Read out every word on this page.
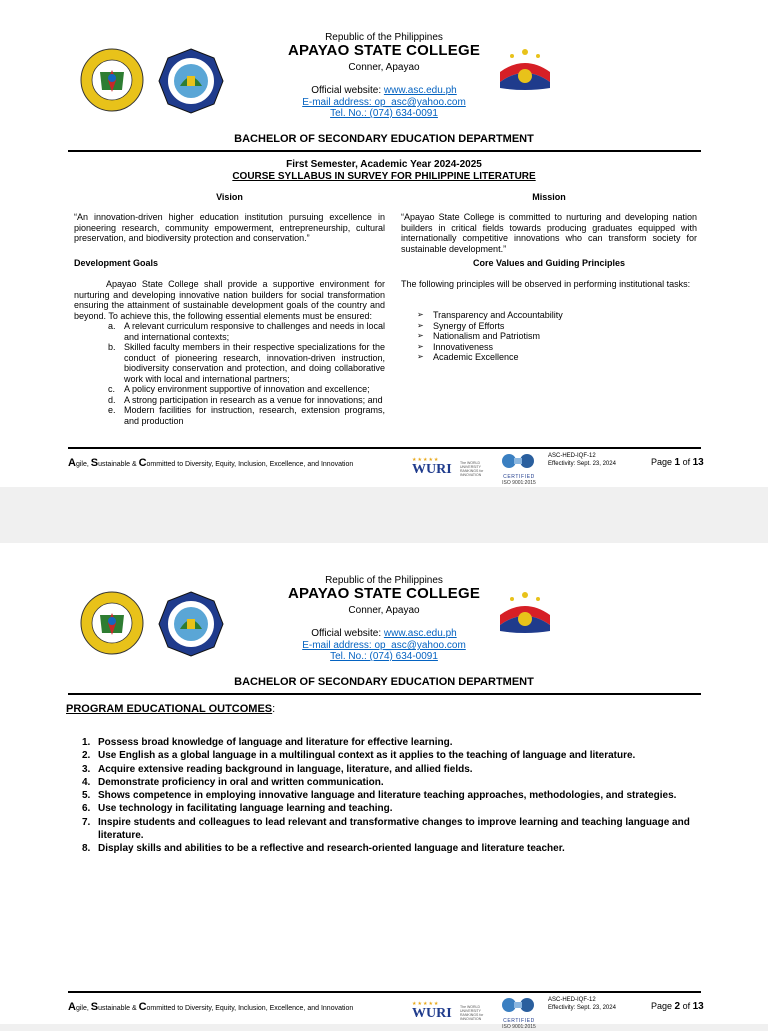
Republic of the Philippines
APAYAO STATE COLLEGE
Conner, Apayao
Official website: www.asc.edu.ph
E-mail address: op_asc@yahoo.com
Tel. No.: (074) 634-0091
BACHELOR OF SECONDARY EDUCATION DEPARTMENT
First Semester, Academic Year 2024-2025
COURSE SYLLABUS IN SURVEY FOR PHILIPPINE LITERATURE
Vision	Mission
“An innovation-driven higher education institution pursuing excellence in pioneering research, community empowerment, entrepreneurship, cultural preservation, and biodiversity protection and conservation.”
“Apayao State College is committed to nurturing and developing nation builders in critical fields towards producing graduates equipped with internationally competitive innovations who can transform society for sustainable development.”
Development Goals	Core Values and Guiding Principles
Apayao State College shall provide a supportive environment for nurturing and developing innovative nation builders for social transformation ensuring the attainment of sustainable development goals of the country and beyond. To achieve this, the following essential elements must be ensured:
a. A relevant curriculum responsive to challenges and needs in local and international contexts;
b. Skilled faculty members in their respective specializations for the conduct of pioneering research, innovation-driven instruction, biodiversity conservation and protection, and doing collaborative work with local and international partners;
c. A policy environment supportive of innovation and excellence;
d. A strong participation in research as a venue for innovations; and
e. Modern facilities for instruction, research, extension programs, and production
The following principles will be observed in performing institutional tasks:
➢ Transparency and Accountability
➢ Synergy of Efforts
➢ Nationalism and Patriotism
➢ Innovativeness
➢ Academic Excellence
Agile, Sustainable & Committed to Diversity, Equity, Inclusion, Excellence, and Innovation
★★★★★
WURI The WORLD UNIVERSITY RANKINGS for INNOVATION	CERTIFIED
ISO 9001:2015
ASC-HED-IQF-12
Effectivity: Sept. 23, 2024	Page 1 of 13
Republic of the Philippines
APAYAO STATE COLLEGE
Conner, Apayao
Official website: www.asc.edu.ph
E-mail address: op_asc@yahoo.com
Tel. No.: (074) 634-0091
BACHELOR OF SECONDARY EDUCATION DEPARTMENT
PROGRAM EDUCATIONAL OUTCOMES:
1. Possess broad knowledge of language and literature for effective learning.
2. Use English as a global language in a multilingual context as it applies to the teaching of language and literature.
3. Acquire extensive reading background in language, literature, and allied fields.
4. Demonstrate proficiency in oral and written communication.
5. Shows competence in employing innovative language and literature teaching approaches, methodologies, and strategies.
6. Use technology in facilitating language learning and teaching.
7. Inspire students and colleagues to lead relevant and transformative changes to improve learning and teaching language and literature.
8. Display skills and abilities to be a reflective and research-oriented language and literature teacher.
Agile, Sustainable & Committed to Diversity, Equity, Inclusion, Excellence, and Innovation
★★★★★
WURI The WORLD UNIVERSITY RANKINGS for INNOVATION	CERTIFIED
ISO 9001:2015
ASC-HED-IQF-12
Effectivity: Sept. 23, 2024	Page 2 of 13
